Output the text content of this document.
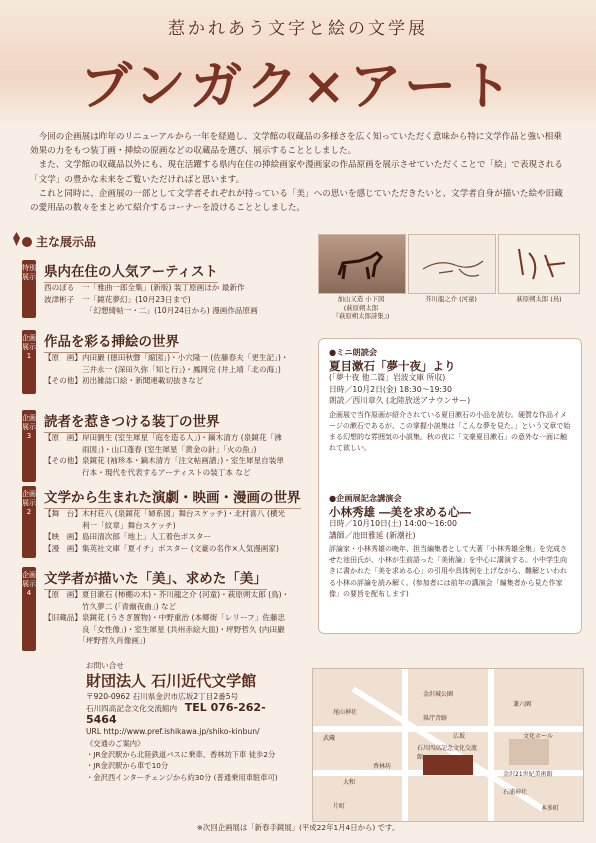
惹かれあう文字と絵の文学展
ブンガク×アート

今回の企画展は昨年のリニューアルから一年を経過し、文学館の収蔵品の多様さを広く知っていただく意味から特に文学作品と強い相乗効果の力をもつ装丁画・挿絵の原画などの収蔵品を選び、展示することとしました。

また、文学館の収蔵品以外にも、現在活躍する県内在住の挿絵画家や漫画家の作品原画を展示させていただくことで「絵」で表現される「文学」の豊かな未来をご覧いただければと思います。

これと同時に、企画展の一部として文学者それぞれが持っている「美」への思いを感じていただきたいと、文学者自身が描いた絵や旧蔵の愛用品の数々をまとめて紹介するコーナーを設けることとしました。

主な展示品
特別展示 県内在住の人気アーティスト
西のぼる　一「雅曲一郎全集」(新版) 装丁原画ほか 最新作
波津彬子　一「鏡花夢幻」(10月23日まで)
　　　　　　「幻想綺帖一・二」(10月24日から) 漫画作品原画
企画展示1
作品を彩る挿絵の世界
【原　画】内田巖 (徳田秋聲「縮図」)・小穴隆一 (佐藤春夫「更生記」)・
　　　　　三井永一 (深田久弥「知と行」)・鳳岡完 (井上靖「北の海」)
【その他】初出雑誌口絵・新聞連載切抜きなど
企画展示3
読者を惹きつける装丁の世界
【原　画】岸田劉生 (室生犀星「庭を造る人」)・鏑木清方 (泉鏡花「沸
　　　　　雨図」)・山口蓬春 (室生犀星「黄金の針」「火の魚」)
【その他】泉鏡花 (袖珍本・鏑木清方「注文帖画譜」)・室生犀星自装単
　　　　　行本・現代を代表するアーティストの装丁本 など
企画展示2
文学から生まれた演劇・映画・漫画の世界
【舞　台】木村荘八 (泉鏡花「婦系図」舞台スケッチ)・北村喜八 (横光
　　　　　利一「紋章」舞台スケッチ)
【映　画】島田清次郎「地上」人工着色ポスター
【漫　画】集英社文庫「夏イチ」ポスター (文豪の名作×人気漫画家)
企画展示4
文学者が描いた「美」、求めた「美」
【原　画】夏目漱石 (柿棚の木)・芥川龍之介 (河童)・萩原朔太郎 (鳥)・
　　　　　竹久夢二 (「青幽夜曲」) など
【旧蔵品】泉鏡花 (うさぎ置物)・中野重治 (本郷街「レリーフ」佐藤忠
　　　　　良「女性像」)・室生犀星 (共州赤絵大皿)・坪野哲久 (内田巖
　　　　　「坪野哲久肖像画」)
加山又造 小下図
(萩原朔太郎
『萩原朔太郎詩集』)
芥川龍之介 (河童)	萩原朔太郎 (鳥)
●ミニ朗読会
夏目漱石「夢十夜」より
(「夢十夜 他二篇」岩波文庫 所収)
日時／10月2日(金) 18:30～19:30
朗読／西川章久 (北陸放送アナウンサー)
企画展で当作原画が紹介されている夏目漱石の小品を読む。硬質な作品イメージの漱石であるが、この掌握小説集は「こんな夢を見た。」という文章で始まる幻想的な雰囲気の小説集。秋の夜に「文豪夏目漱石」の意外な一面に触れて欲しい。
●企画展記念講演会
小林秀雄 ―美を求める心―
日時／10月10日(土) 14:00～16:00
講師／池田雅延 (新潮社)
評論家・小林秀雄の晩年、担当編集者として大著「小林秀雄全集」を完成させた池田氏が、小林が生前語った「美術論」を中心に講演する。小中学生向きに書かれた「美を求める心」の引用や具体例を上げながら、難解といわれる小林の評論を読み解く。(参加者には前年の講演会「編集者から見た作家像」の要旨を配布します)
お問い合せ
財団法人 石川近代文学館
〒920-0962 石川県金沢市広坂2丁目2番5号
石川四高記念文化交流館内　 TEL 076-262-5464
URL http://www.pref.ishikawa.jp/shiko-kinbun/
《交通のご案内》
・JR金沢駅から北陸鉄道バスに乗車、香林坊下車 徒歩2分
・JR金沢駅から車で10分
・金沢西インターチェンジから約30分 (普通乗用車駐車可)
尾山神社
金沢城公園
兼六園
香林坊
片町
石川四高記念文化交流館
金沢21世紀美術館
石浦神社
県庁舎跡
文化ホール
武蔵	広坂
本多町
大和
※次回企画展は「新春手鏡展」(平成22年1月4日から) です。
